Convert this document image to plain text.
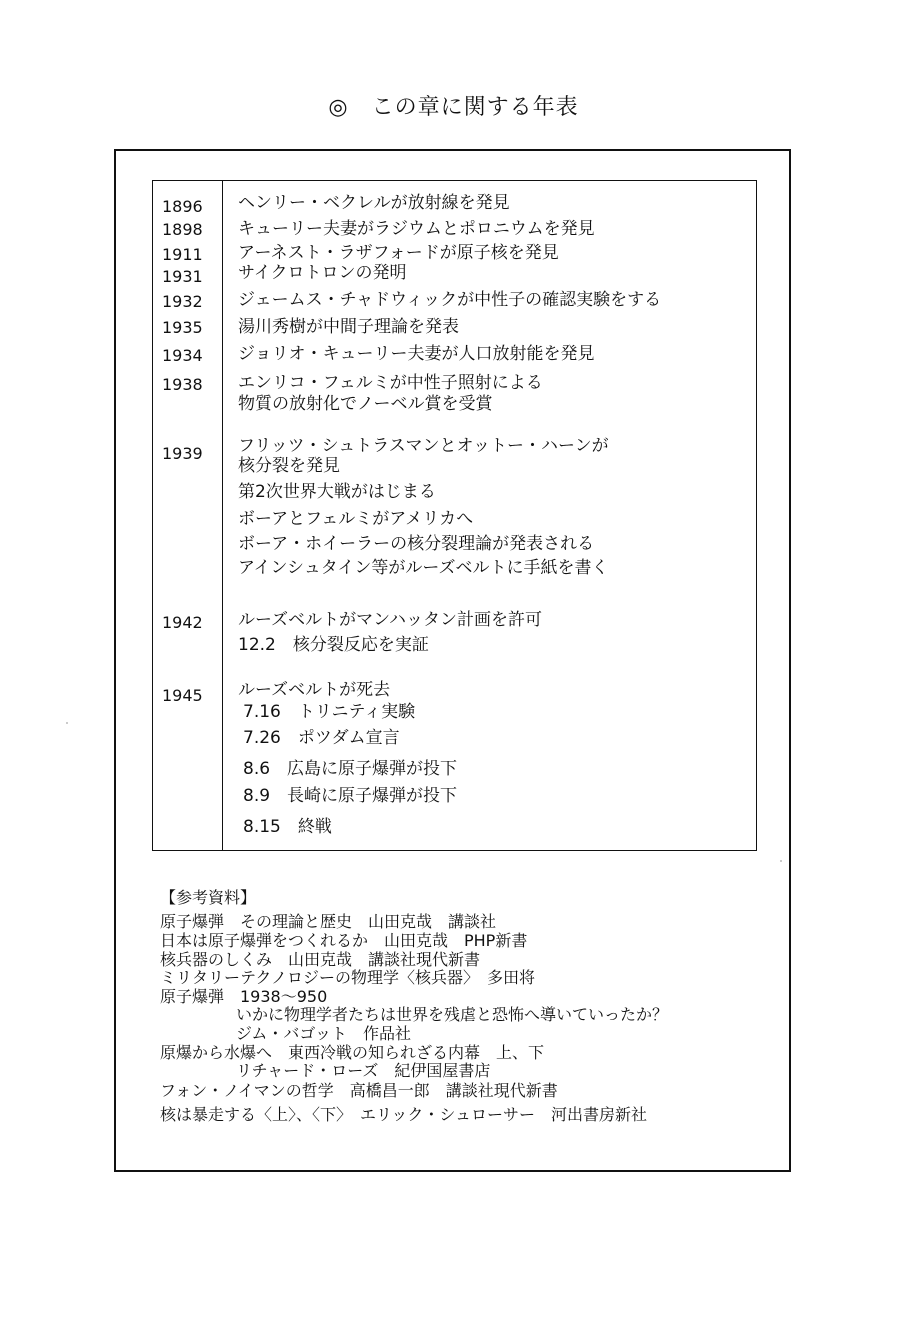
◎　この章に関する年表
1896
1898
1911
1931
1932
1935
1934
1938
1939
1942
1945
ヘンリー・ベクレルが放射線を発見
キューリー夫妻がラジウムとポロニウムを発見
アーネスト・ラザフォードが原子核を発見
サイクロトロンの発明
ジェームス・チャドウィックが中性子の確認実験をする
湯川秀樹が中間子理論を発表
ジョリオ・キューリー夫妻が人口放射能を発見
エンリコ・フェルミが中性子照射による
物質の放射化でノーベル賞を受賞
フリッツ・シュトラスマンとオットー・ハーンが
核分裂を発見
第2次世界大戦がはじまる
ボーアとフェルミがアメリカへ
ボーア・ホイーラーの核分裂理論が発表される
アインシュタイン等がルーズベルトに手紙を書く
ルーズベルトがマンハッタン計画を許可
12.2　核分裂反応を実証
ルーズベルトが死去
7.16　トリニティ実験
7.26　ポツダム宣言
8.6　広島に原子爆弾が投下
8.9　長崎に原子爆弾が投下
8.15　終戦
【参考資料】
原子爆弾　その理論と歴史　山田克哉　講談社
日本は原子爆弾をつくれるか　山田克哉　PHP新書
核兵器のしくみ　山田克哉　講談社現代新書
ミリタリーテクノロジーの物理学〈核兵器〉　多田将
原子爆弾　1938～950
いかに物理学者たちは世界を残虐と恐怖へ導いていったか？
ジム・バゴット　作品社
原爆から水爆へ　東西冷戦の知られざる内幕　上、下
リチャード・ローズ　紀伊国屋書店
フォン・ノイマンの哲学　高橋昌一郎　講談社現代新書
核は暴走する〈上〉、〈下〉　エリック・シュローサー　河出書房新社
